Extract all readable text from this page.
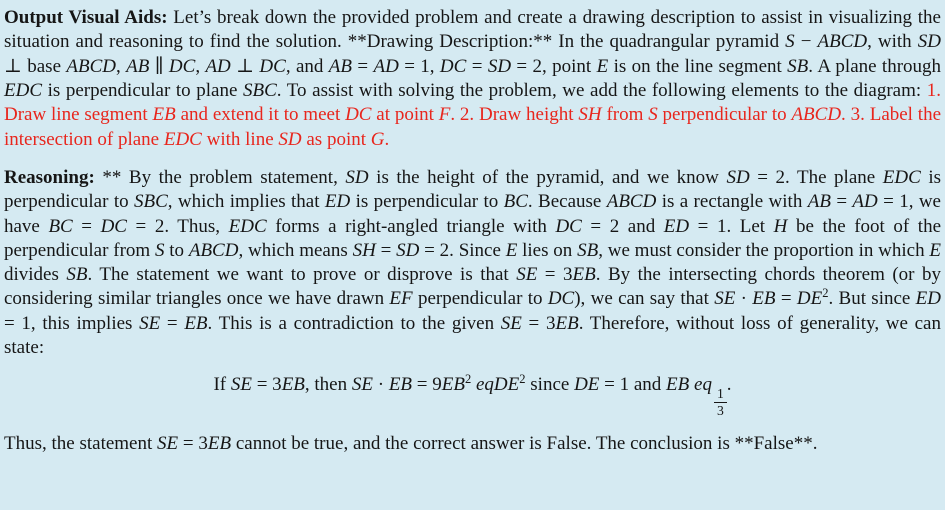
Output Visual Aids: Let’s break down the provided problem and create a drawing description to assist in visualizing the situation and reasoning to find the solution. **Drawing Description:** In the quadrangular pyramid S − ABCD, with SD ⊥ base ABCD, AB ∥ DC, AD ⊥ DC, and AB = AD = 1, DC = SD = 2, point E is on the line segment SB. A plane through EDC is perpendicular to plane SBC. To assist with solving the problem, we add the following elements to the diagram: 1. Draw line segment EB and extend it to meet DC at point F. 2. Draw height SH from S perpendicular to ABCD. 3. Label the intersection of plane EDC with line SD as point G.

Reasoning: ** By the problem statement, SD is the height of the pyramid, and we know SD = 2. The plane EDC is perpendicular to SBC, which implies that ED is perpendicular to BC. Because ABCD is a rectangle with AB = AD = 1, we have BC = DC = 2. Thus, EDC forms a right-angled triangle with DC = 2 and ED = 1. Let H be the foot of the perpendicular from S to ABCD, which means SH = SD = 2. Since E lies on SB, we must consider the proportion in which E divides SB. The statement we want to prove or disprove is that SE = 3EB. By the intersecting chords theorem (or by considering similar triangles once we have drawn EF perpendicular to DC), we can say that SE · EB = $DE^2$. But since ED = 1, this implies SE = EB. This is a contradiction to the given SE = 3EB. Therefore, without loss of generality, we can state:

If SE = 3EB, then SE · EB = $9EB^2$ eqDE$^2$ since DE = 1 and EB eq
$\frac{1}{3}$
.

Thus, the statement SE = 3EB cannot be true, and the correct answer is False. The conclusion is **False**.
